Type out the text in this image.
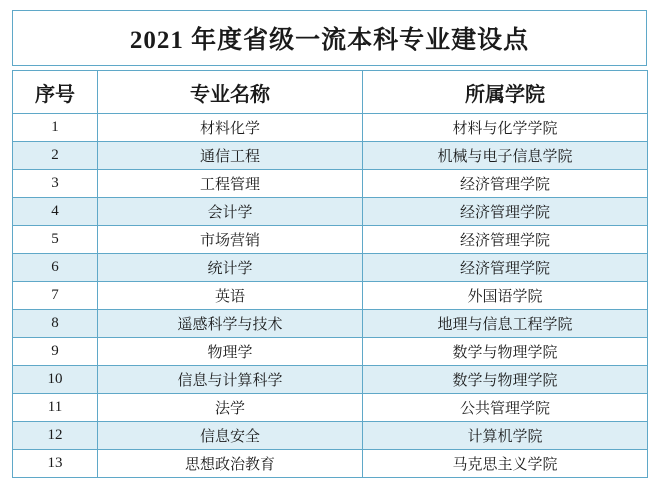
2021 年度省级一流本科专业建设点
序号	专业名称	所属学院
1	材料化学	材料与化学学院
2	通信工程	机械与电子信息学院
3	工程管理	经济管理学院
4	会计学	经济管理学院
5	市场营销	经济管理学院
6	统计学	经济管理学院
7	英语	外国语学院
8	遥感科学与技术	地理与信息工程学院
9	物理学	数学与物理学院
10	信息与计算科学	数学与物理学院
11	法学	公共管理学院
12	信息安全	计算机学院
13	思想政治教育	马克思主义学院
